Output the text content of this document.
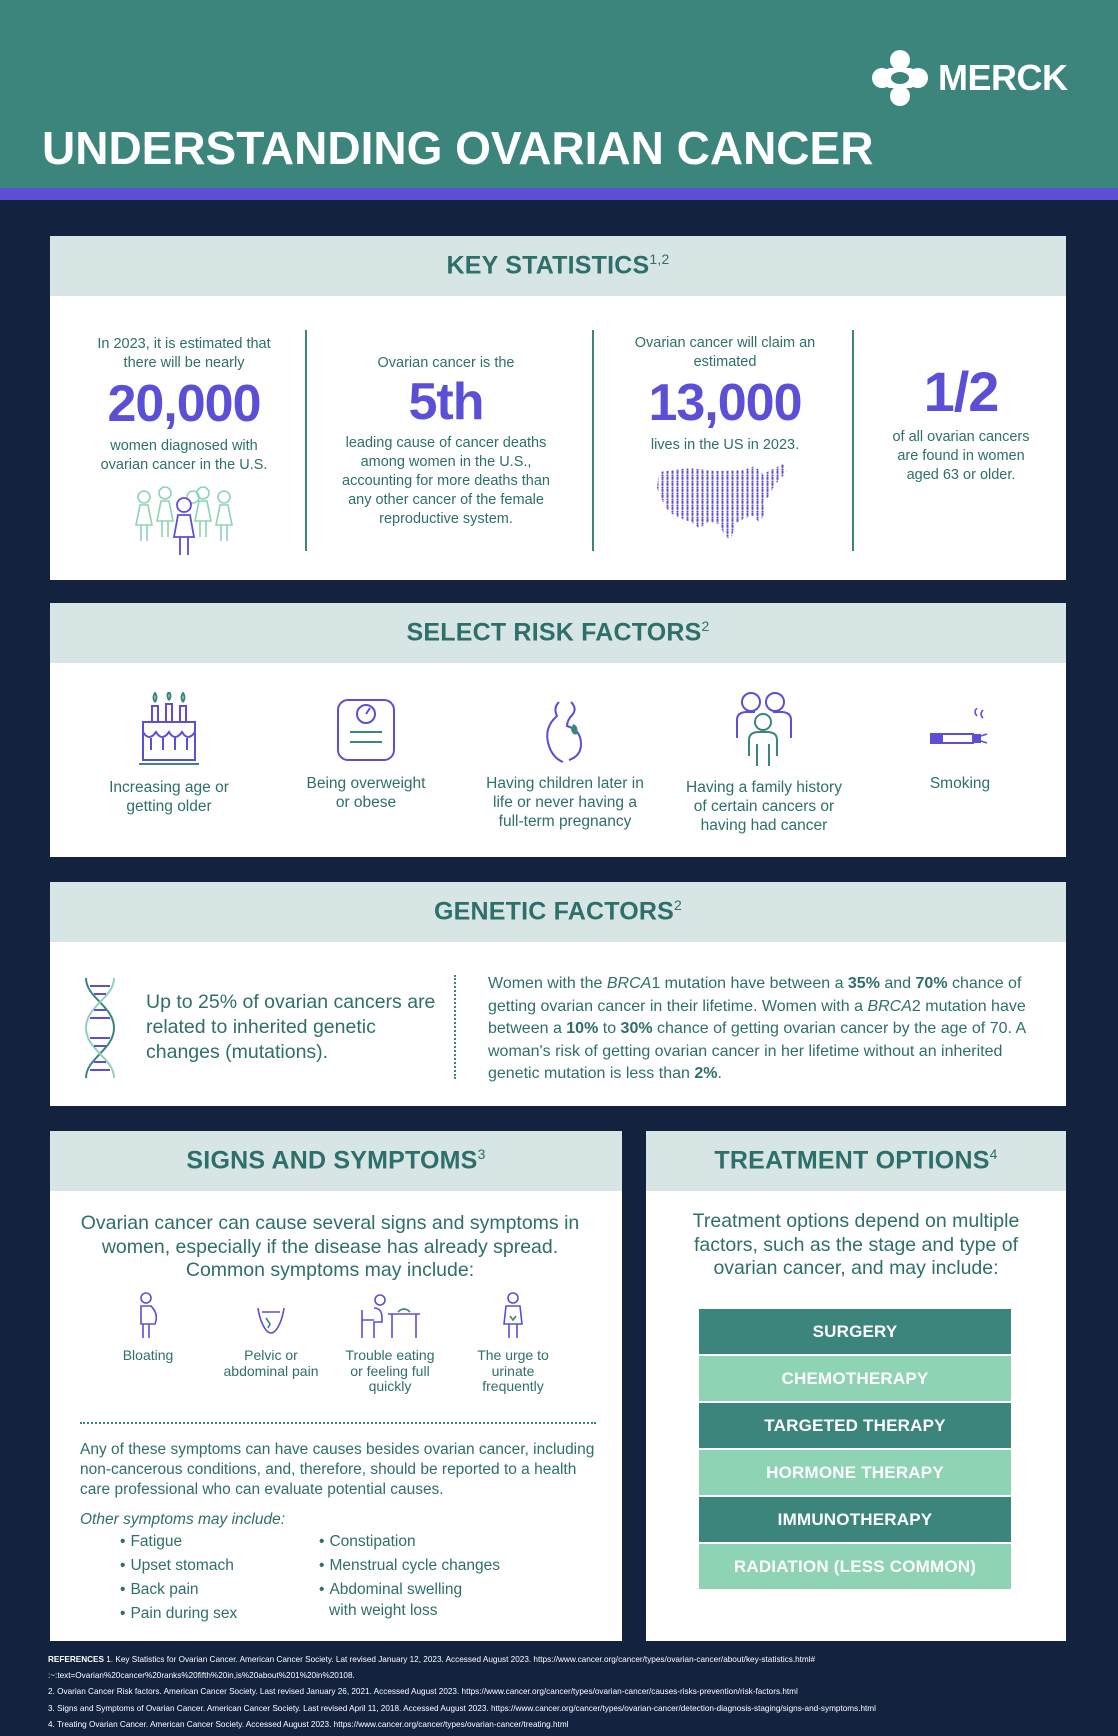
MERCK
UNDERSTANDING OVARIAN CANCER
KEY STATISTICS$^{1,2}$
In 2023, it is estimated that there will be nearly
20,000
women diagnosed with ovarian cancer in the U.S.
Ovarian cancer is the
5th
leading cause of cancer deaths among women in the U.S., accounting for more deaths than any other cancer of the female reproductive system.
Ovarian cancer will claim an estimated
13,000
lives in the US in 2023.
1/2
of all ovarian cancers are found in women aged 63 or older.
SELECT RISK FACTORS$^2$
Increasing age or getting older
Being overweight or obese
Having children later in life or never having a full-term pregnancy
Having a family history of certain cancers or having had cancer
Smoking
GENETIC FACTORS$^2$
Up to 25% of ovarian cancers are related to inherited genetic changes (mutations).
Women with the BRCA1 mutation have between a 35% and 70% chance of getting ovarian cancer in their lifetime. Women with a BRCA2 mutation have between a 10% to 30% chance of getting ovarian cancer by the age of 70. A woman's risk of getting ovarian cancer in her lifetime without an inherited genetic mutation is less than 2%.
SIGNS AND SYMPTOMS$^3$
Ovarian cancer can cause several signs and symptoms in women, especially if the disease has already spread. Common symptoms may include:
Bloating	Pelvic or abdominal pain
Trouble eating or feeling full quickly
The urge to urinate frequently
Any of these symptoms can have causes besides ovarian cancer, including non-cancerous conditions, and, therefore, should be reported to a health care professional who can evaluate potential causes.
Other symptoms may include:
• Fatigue
• Upset stomach
• Back pain
• Pain during sex
• Constipation
• Menstrual cycle changes
• Abdominal swelling
with weight loss
TREATMENT OPTIONS$^4$
Treatment options depend on multiple factors, such as the stage and type of ovarian cancer, and may include:
SURGERY
CHEMOTHERAPY
TARGETED THERAPY
HORMONE THERAPY
IMMUNOTHERAPY
RADIATION (LESS COMMON)
REFERENCES 1. Key Statistics for Ovarian Cancer. American Cancer Society. Lat revised January 12, 2023. Accessed August 2023. https://www.cancer.org/cancer/types/ovarian-cancer/about/key-statistics.html#
:~:text=Ovarian%20cancer%20ranks%20fifth%20in,is%20about%201%20in%20108.
2. Ovarian Cancer Risk factors. American Cancer Society. Last revised January 26, 2021. Accessed August 2023. https://www.cancer.org/cancer/types/ovarian-cancer/causes-risks-prevention/risk-factors.html
3. Signs and Symptoms of Ovarian Cancer. American Cancer Society. Last revised April 11, 2018. Accessed August 2023. https://www.cancer.org/cancer/types/ovarian-cancer/detection-diagnosis-staging/signs-and-symptoms.html
4. Treating Ovarian Cancer. American Cancer Society. Accessed August 2023. https://www.cancer.org/cancer/types/ovarian-cancer/treating.html
